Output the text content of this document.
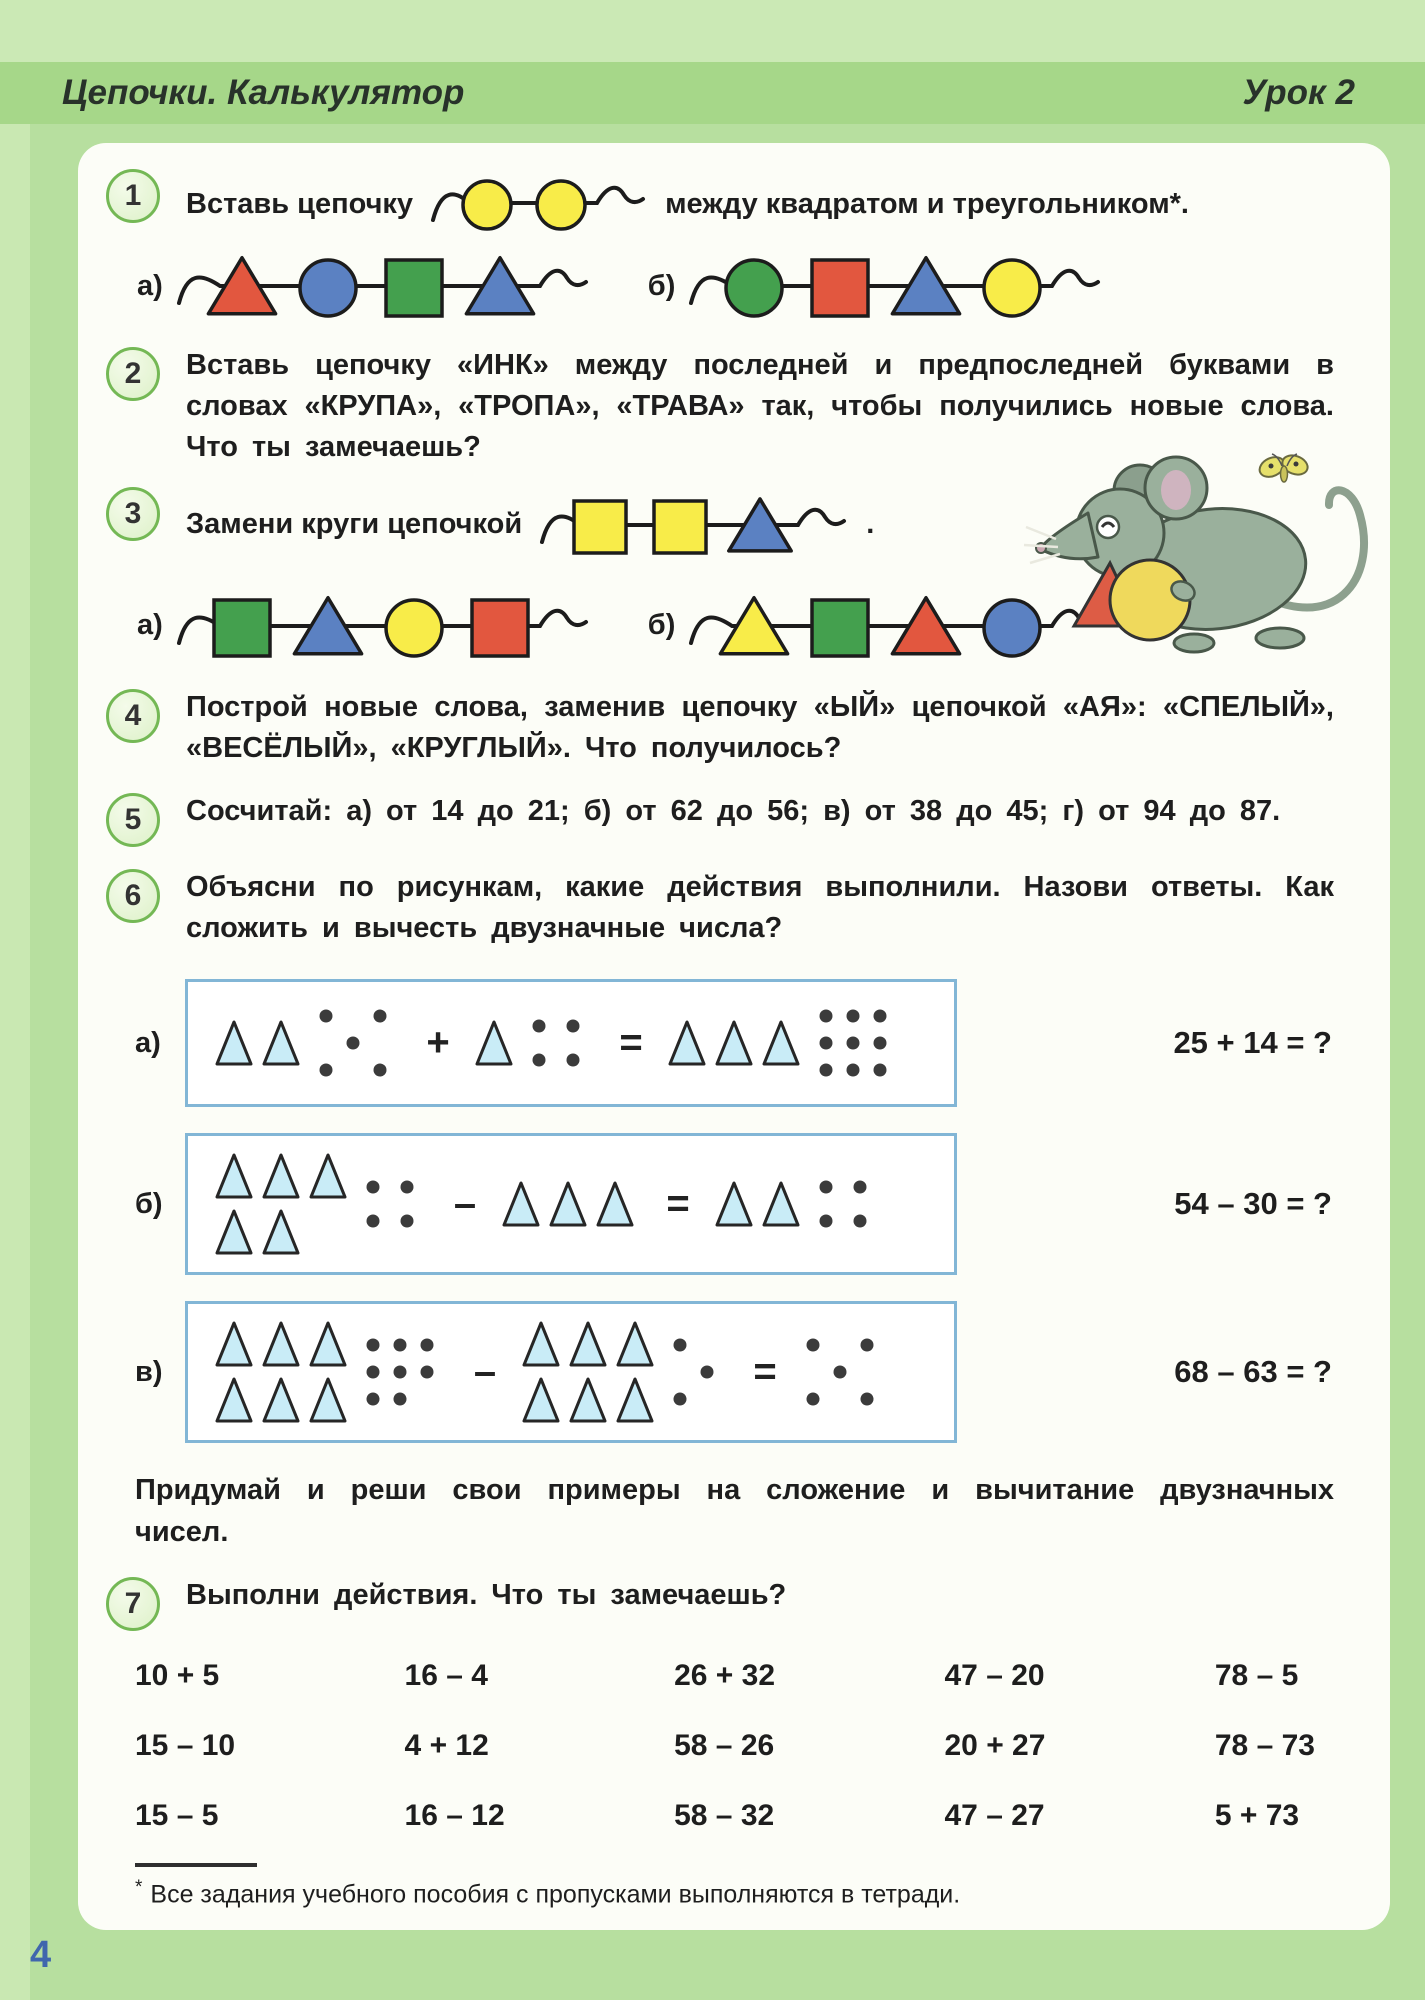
Цепочки. Калькулятор	Урок 2
1	Вставь цепочку	между квадратом и треугольником*.
а)	б)
2	Вставь цепочку «ИНК» между последней и предпоследней буквами в словах «КРУПА», «ТРОПА», «ТРАВА» так, чтобы получились новые слова. Что ты замечаешь?
3	Замени круги цепочкой	.
а)	б)
4	Построй новые слова, заменив цепочку «ЫЙ» цепочкой «АЯ»: «СПЕЛЫЙ», «ВЕСЁЛЫЙ», «КРУГЛЫЙ». Что получилось?
5	Сосчитай: а) от 14 до 21; б) от 62 до 56; в) от 38 до 45; г) от 94 до 87.
6	Объясни по рисункам, какие действия выполнили. Назови ответы. Как сложить и вычесть двузначные числа?
а)	+	=	25 + 14 = ?
б)	–	=	54 – 30 = ?
в)	–	=	68 – 63 = ?
Придумай и реши свои примеры на сложение и вычитание двузначных чисел.
7	Выполни действия. Что ты замечаешь?
10 + 5	16 – 4	26 + 32	47 – 20	78 – 5
15 – 10	4 + 12	58 – 26	20 + 27	78 – 73
15 – 5	16 – 12	58 – 32	47 – 27	5 + 73
* Все задания учебного пособия с пропусками выполняются в тетради.
4
